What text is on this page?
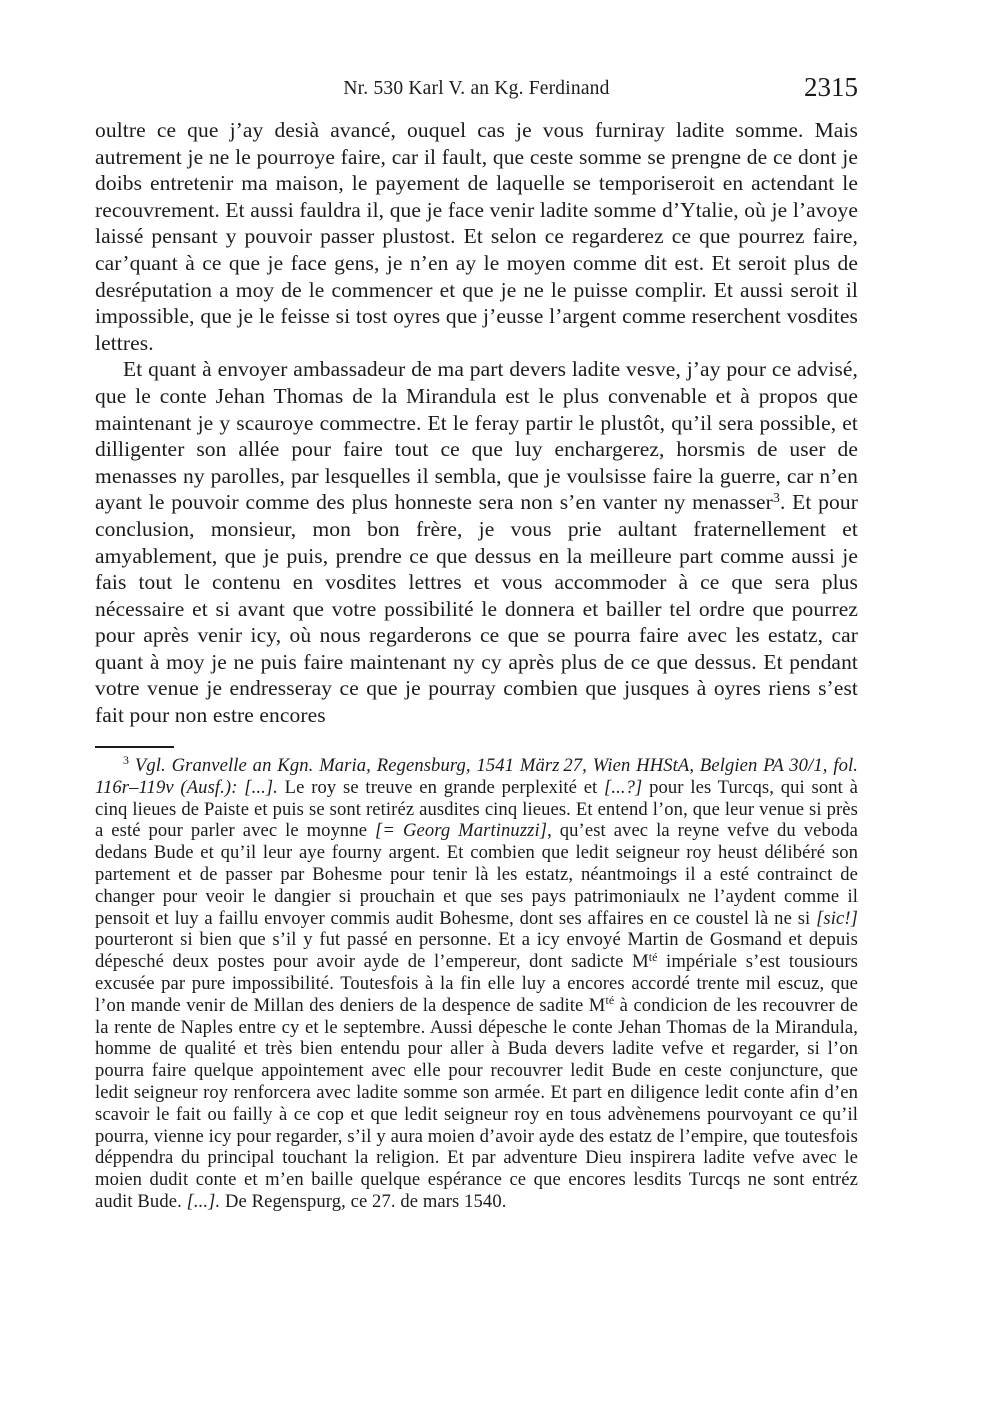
Nr. 530 Karl V. an Kg. Ferdinand	2315

oultre ce que j’ay desià avancé, ouquel cas je vous furniray ladite somme. Mais autrement je ne le pourroye faire, car il fault, que ceste somme se prengne de ce dont je doibs entretenir ma maison, le payement de laquelle se temporiseroit en actendant le recouvrement. Et aussi fauldra il, que je face venir ladite somme d’Ytalie, où je l’avoye laissé pensant y pouvoir passer plustost. Et selon ce regarderez ce que pourrez faire, car’quant à ce que je face gens, je n’en ay le moyen comme dit est. Et seroit plus de desréputation a moy de le commencer et que je ne le puisse complir. Et aussi seroit il impossible, que je le feisse si tost oyres que j’eusse l’argent comme reserchent vosdites lettres.

Et quant à envoyer ambassadeur de ma part devers ladite vesve, j’ay pour ce advisé, que le conte Jehan Thomas de la Mirandula est le plus convenable et à propos que maintenant je y scauroye commectre. Et le feray partir le plustôt, qu’il sera possible, et dilligenter son allée pour faire tout ce que luy enchargerez, horsmis de user de menasses ny parolles, par lesquelles il sembla, que je voulsisse faire la guerre, car n’en ayant le pouvoir comme des plus honneste sera non s’en vanter ny menasser$^3$. Et pour conclusion, monsieur, mon bon frère, je vous prie aultant fraternellement et amyablement, que je puis, prendre ce que dessus en la meilleure part comme aussi je fais tout le contenu en vosdites lettres et vous accommoder à ce que sera plus nécessaire et si avant que votre possibilité le donnera et bailler tel ordre que pourrez pour après venir icy, où nous regarderons ce que se pourra faire avec les estatz, car quant à moy je ne puis faire maintenant ny cy après plus de ce que dessus. Et pendant votre venue je endresseray ce que je pourray combien que jusques à oyres riens s’est fait pour non estre encores

$^3$ Vgl. Granvelle an Kgn. Maria, Regensburg, 1541 März 27, Wien HHStA, Belgien PA 30/1, fol. 116r–119v (Ausf.): [...]. Le roy se treuve en grande perplexité et [...?] pour les Turcqs, qui sont à cinq lieues de Paiste et puis se sont retiréz ausdites cinq lieues. Et entend l’on, que leur venue si près a esté pour parler avec le moynne [= Georg Martinuzzi], qu’est avec la reyne vefve du veboda dedans Bude et qu’il leur aye fourny argent. Et combien que ledit seigneur roy heust délibéré son partement et de passer par Bohesme pour tenir là les estatz, néantmoings il a esté contrainct de changer pour veoir le dangier si prouchain et que ses pays patrimoniaulx ne l’aydent comme il pensoit et luy a faillu envoyer commis audit Bohesme, dont ses affaires en ce coustel là ne si [sic!] pourteront si bien que s’il y fut passé en personne. Et a icy envoyé Martin de Gosmand et depuis dépesché deux postes pour avoir ayde de l’empereur, dont sadicte $M^{té}$ impériale s’est tousiours excusée par pure impossibilité. Toutesfois à la fin elle luy a encores accordé trente mil escuz, que l’on mande venir de Millan des deniers de la despence de sadite $M^{té}$ à condicion de les recouvrer de la rente de Naples entre cy et le septembre. Aussi dépesche le conte Jehan Thomas de la Mirandula, homme de qualité et très bien entendu pour aller à Buda devers ladite vefve et regarder, si l’on pourra faire quelque appointement avec elle pour recouvrer ledit Bude en ceste conjuncture, que ledit seigneur roy renforcera avec ladite somme son armée. Et part en diligence ledit conte afin d’en scavoir le fait ou failly à ce cop et que ledit seigneur roy en tous advènemens pourvoyant ce qu’il pourra, vienne icy pour regarder, s’il y aura moien d’avoir ayde des estatz de l’empire, que toutesfois déppendra du principal touchant la religion. Et par adventure Dieu inspirera ladite vefve avec le moien dudit conte et m’en baille quelque espérance ce que encores lesdits Turcqs ne sont entréz audit Bude. [...]. De Regenspurg, ce 27. de mars 1540.
